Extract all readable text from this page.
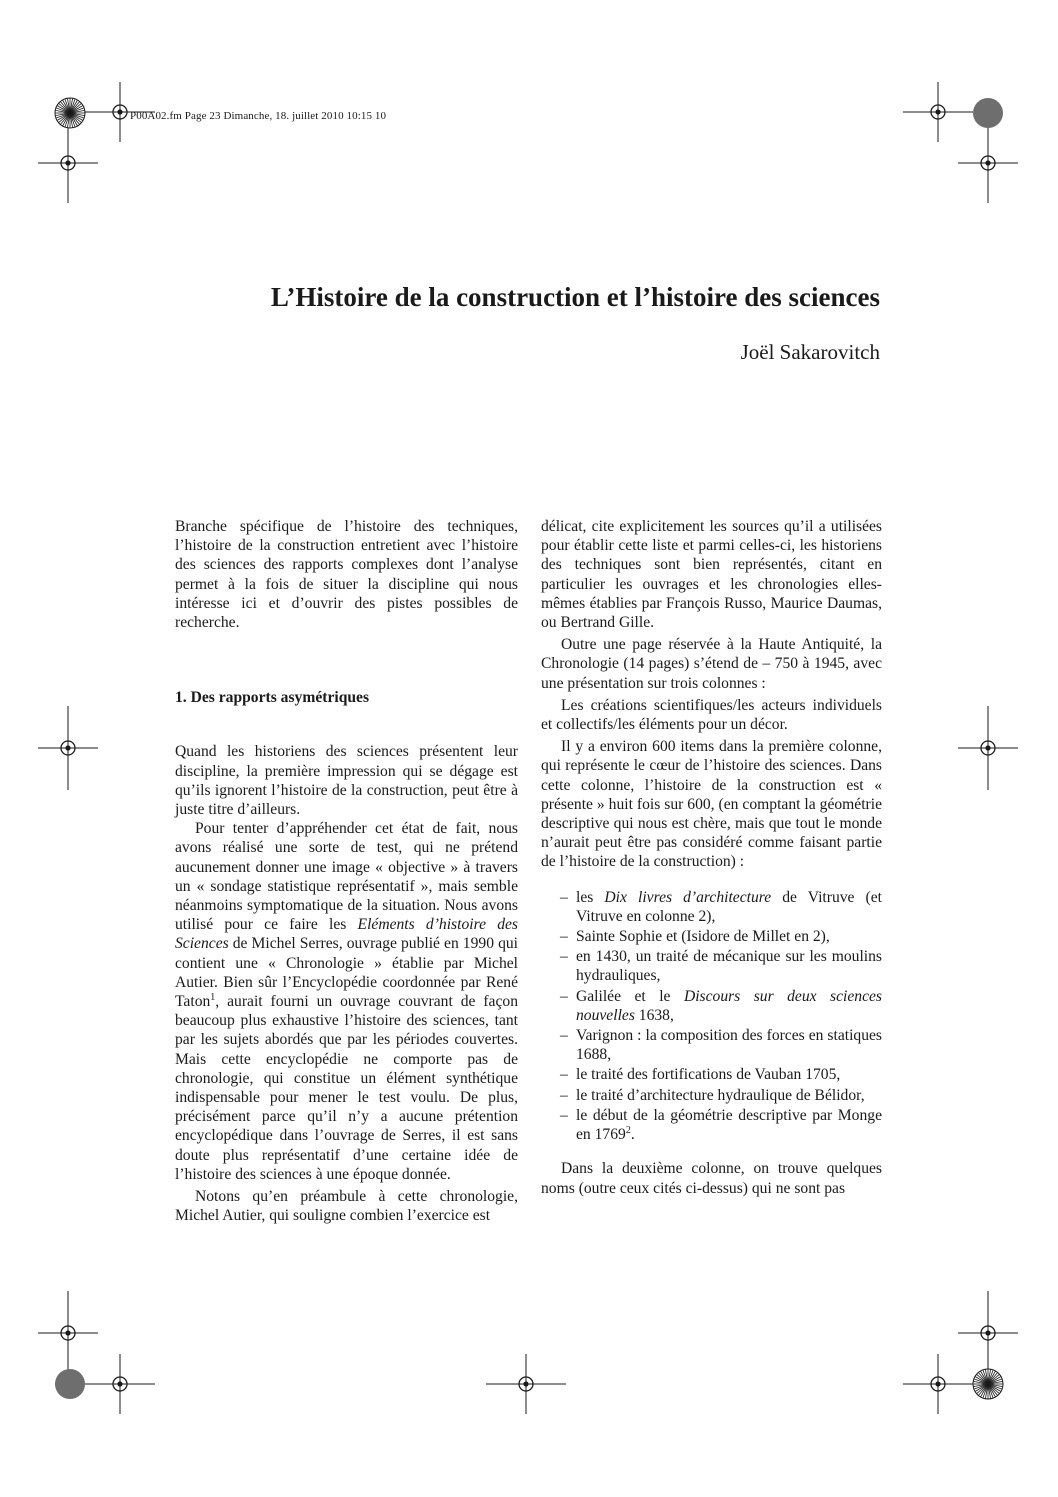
P00A02.fm Page 23 Dimanche, 18. juillet 2010 10:15 10
L’Histoire de la construction et l’histoire des sciences
Joël Sakarovitch

Branche spécifique de l’histoire des techniques, l’histoire de la construction entretient avec l’histoire des sciences des rapports complexes dont l’analyse permet à la fois de situer la discipline qui nous intéresse ici et d’ouvrir des pistes possibles de recherche.

1. Des rapports asymétriques

Quand les historiens des sciences présentent leur discipline, la première impression qui se dégage est qu’ils ignorent l’histoire de la construction, peut être à juste titre d’ailleurs.

Pour tenter d’appréhender cet état de fait, nous avons réalisé une sorte de test, qui ne prétend aucunement donner une image « objective » à travers un « sondage statistique représentatif », mais semble néanmoins symptomatique de la situation. Nous avons utilisé pour ce faire les Eléments d’histoire des Sciences de Michel Serres, ouvrage publié en 1990 qui contient une « Chronologie » établie par Michel Autier. Bien sûr l’Encyclopédie coordonnée par René Taton$^1$, aurait fourni un ouvrage couvrant de façon beaucoup plus exhaustive l’histoire des sciences, tant par les sujets abordés que par les périodes couvertes. Mais cette encyclopédie ne comporte pas de chronologie, qui constitue un élément synthétique indispensable pour mener le test voulu. De plus, précisément parce qu’il n’y a aucune prétention encyclopédique dans l’ouvrage de Serres, il est sans doute plus représentatif d’une certaine idée de l’histoire des sciences à une époque donnée.

Notons qu’en préambule à cette chronologie, Michel Autier, qui souligne combien l’exercice est

délicat, cite explicitement les sources qu’il a utilisées pour établir cette liste et parmi celles-ci, les historiens des techniques sont bien représentés, citant en particulier les ouvrages et les chronologies elles-mêmes établies par François Russo, Maurice Daumas, ou Bertrand Gille.

Outre une page réservée à la Haute Antiquité, la Chronologie (14 pages) s’étend de – 750 à 1945, avec une présentation sur trois colonnes :

Les créations scientifiques/les acteurs individuels et collectifs/les éléments pour un décor.

Il y a environ 600 items dans la première colonne, qui représente le cœur de l’histoire des sciences. Dans cette colonne, l’histoire de la construction est « présente » huit fois sur 600, (en comptant la géométrie descriptive qui nous est chère, mais que tout le monde n’aurait peut être pas considéré comme faisant partie de l’histoire de la construction) :

– les Dix livres d’architecture de Vitruve (et Vitruve en colonne 2),
– Sainte Sophie et (Isidore de Millet en 2),
– en 1430, un traité de mécanique sur les moulins hydrauliques,
– Galilée et le Discours sur deux sciences nouvelles 1638,
– Varignon : la composition des forces en statiques 1688,
– le traité des fortifications de Vauban 1705,
– le traité d’architecture hydraulique de Bélidor,
– le début de la géométrie descriptive par Monge en 1769$^2$.

Dans la deuxième colonne, on trouve quelques noms (outre ceux cités ci-dessus) qui ne sont pas
